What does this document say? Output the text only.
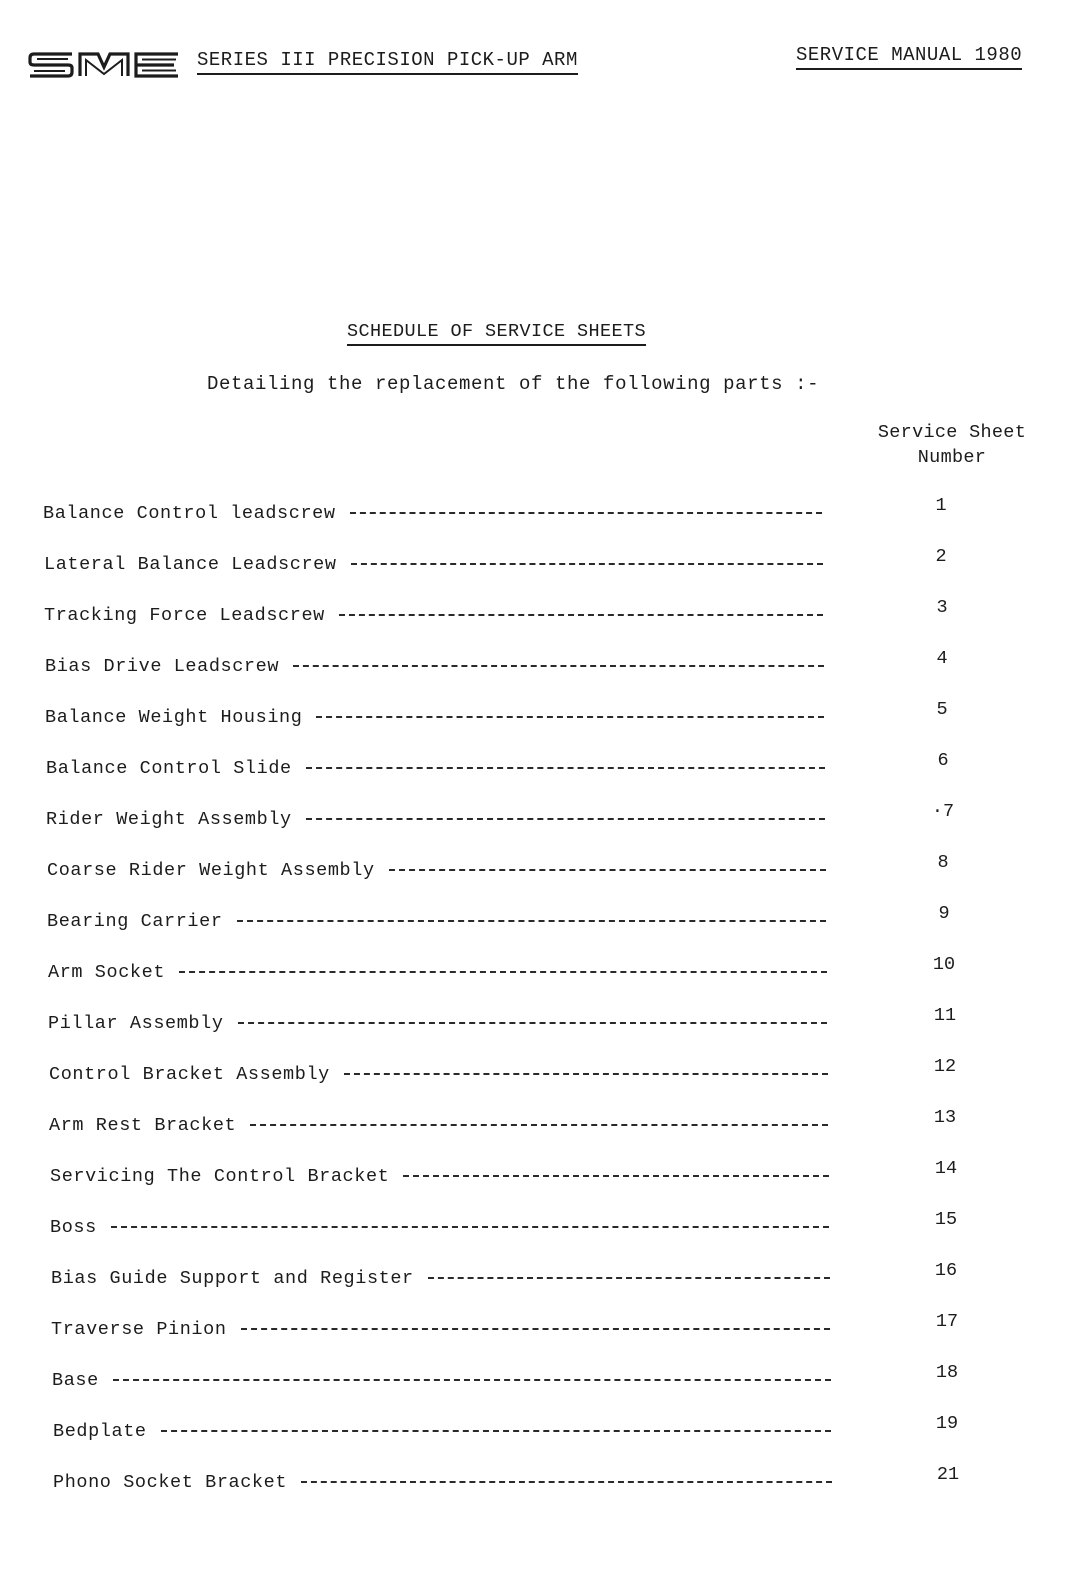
SERIES III PRECISION PICK-UP ARM	SERVICE MANUAL 1980
SCHEDULE OF SERVICE SHEETS
Detailing the replacement of the following parts :-
Service Sheet
Number
Balance Control leadscrew	1
Lateral Balance Leadscrew	2
Tracking Force Leadscrew	3
Bias Drive Leadscrew	4
Balance Weight Housing	5
Balance Control Slide	6
Rider Weight Assembly	·7
Coarse Rider Weight Assembly	8
Bearing Carrier	9
Arm Socket	10
Pillar Assembly	11
Control Bracket Assembly	12
Arm Rest Bracket	13
Servicing The Control Bracket	14
Boss	15
Bias Guide Support and Register	16
Traverse Pinion	17
Base	18
Bedplate	19
Phono Socket Bracket	21
